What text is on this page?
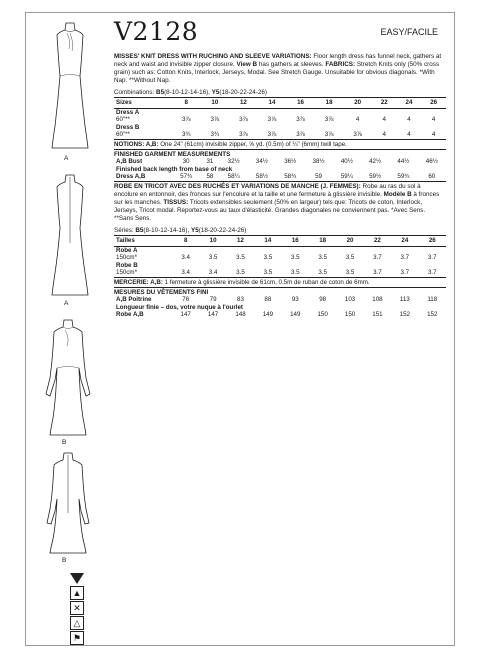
A
A
B
B
▲
✕
△
⚑
V2128	EASY/FACILE
MISSES' KNIT DRESS WITH RUCHING AND SLEEVE VARIATIONS: Floor length dress has funnel neck, gathers at neck and waist and invisible zipper closure. View B has gathers at sleeves. FABRICS: Stretch Knits only (50% cross grain) such as: Cotton Knits, Interlock, Jerseys, Modal. See Stretch Gauge. Unsuitable for obvious diagonals. *With Nap. **Without Nap.
Combinations: B5(8-10-12-14-16), Y5(18-20-22-24-26)
Sizes	8	10	12	14	16	18	20	22	24	26
Dress A										
60"**	3⅞	3⅞	3⅞	3⅞	3⅞	3⅞	4	4	4	4
Dress B										
60"**	3¾	3¾	3⅞	3⅞	3⅞	3⅞	3⅞	4	4	4
NOTIONS: A,B: One 24" (61cm) invisible zipper, ⅝ yd. (0.5m) of ¼" (6mm) twill tape.
FINISHED GARMENT MEASUREMENTS
A,B Bust	30	31	32½	34½	36½	38½	40½	42½	44½	46½
Finished back length from base of neck										
Dress A,B	57¾	58	58¼	58½	58¾	59	59¼	59½	59¾	60
ROBE EN TRICOT AVEC DES RUCHÉS ET VARIATIONS DE MANCHE (J. FEMMES): Robe au ras du sol à encolure en entonnoir, des fronces sur l'encolure et la taille et une fermeture à glissière invisible. Modèle B à fronces sur les manches. TISSUS: Tricots extensibles seulement (50% en largeur) tels que: Tricots de coton, Interlock, Jerseys, Tricot modal. Reportez-vous au taux d'élasticité. Grandes diagonales ne conviennent pas. *Avec Sens. **Sans Sens.
Séries: B5(8-10-12-14-16), Y5(18-20-22-24-26)
Tailles	8	10	12	14	16	18	20	22	24	26
Robe A										
150cm*	3.4	3.5	3.5	3.5	3.5	3.5	3.5	3.7	3.7	3.7
Robe B										
150cm*	3.4	3.4	3.5	3.5	3.5	3.5	3.5	3.7	3.7	3.7
MERCERIE: A,B: 1 fermeture à glissière invisible de 61cm, 0.5m de ruban de coton de 6mm.
MESURES DU VÊTEMENTS FINI
A,B Poitrine	76	79	83	88	93	98	103	108	113	118
Longueur finie – dos, votre nuque à l'ourlet										
Robe A,B	147	147	148	149	149	150	150	151	152	152
